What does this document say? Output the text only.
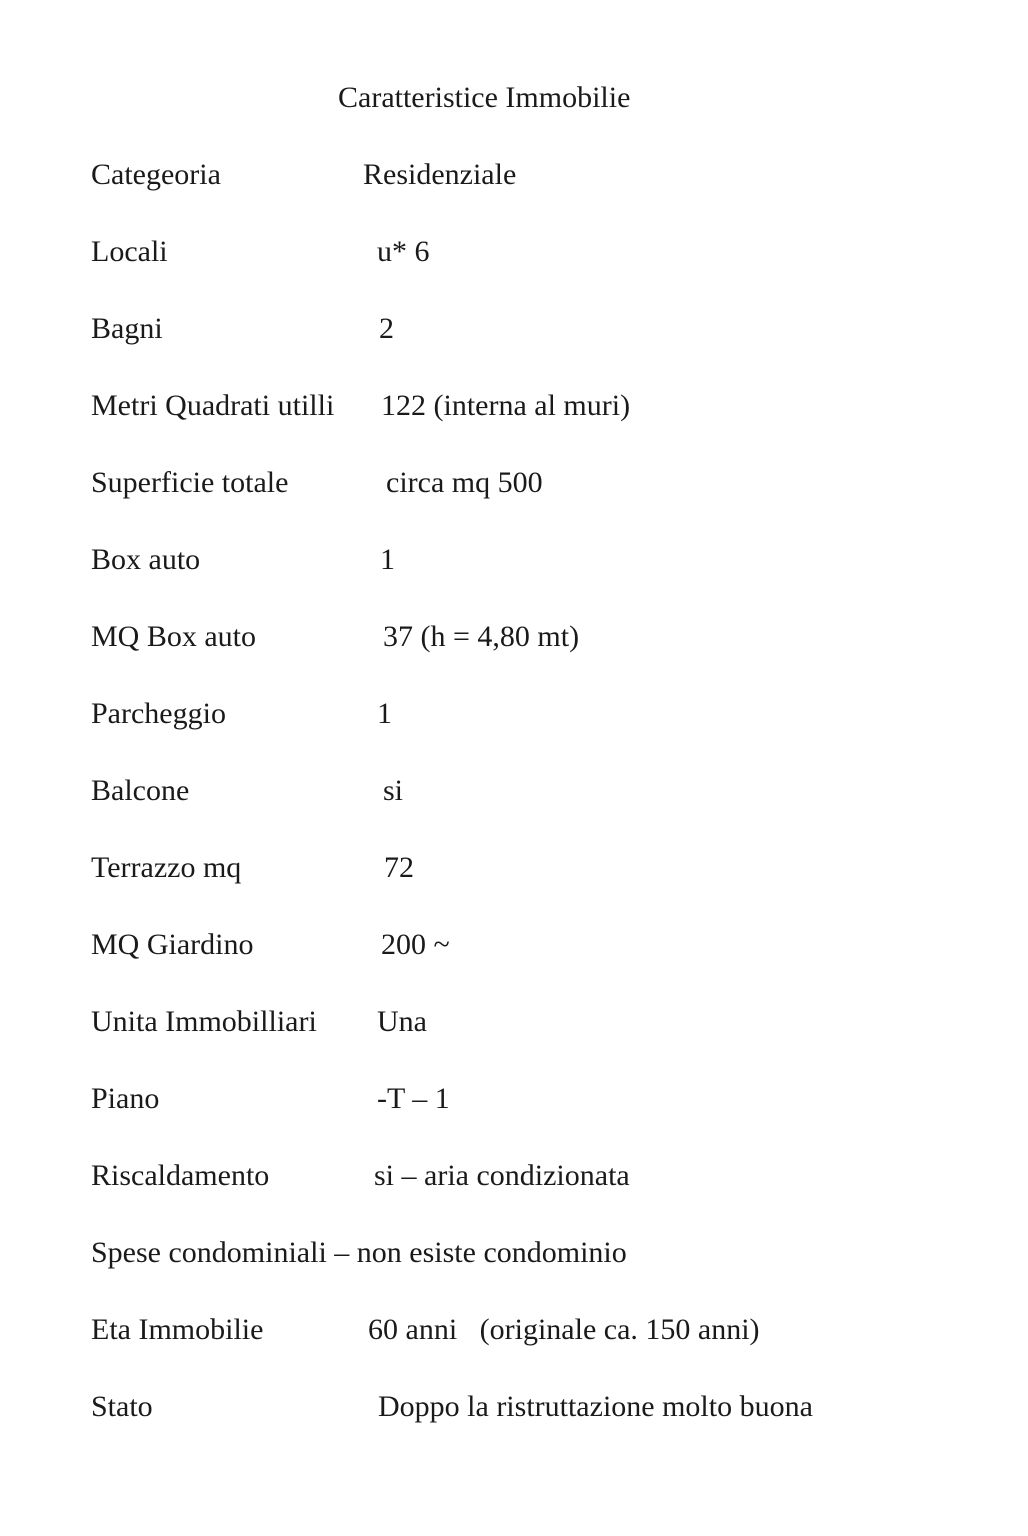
Caratteristice Immobilie
Categeoria	Residenziale
Locali	u* 6
Bagni	2
Metri Quadrati utilli 122 (interna al muri)
Superficie totale	circa mq 500
Box auto	1
MQ Box auto	37 (h = 4,80 mt)
Parcheggio	1
Balcone	si
Terrazzo mq	72
MQ Giardino	200 ~
Unita Immobilliari Una
Piano	-T – 1
Riscaldamento	si – aria condizionata
Spese condominiali – non esiste condominio
Eta Immobilie	60 anni   (originale ca. 150 anni)
Stato	Doppo la ristruttazione molto buona
